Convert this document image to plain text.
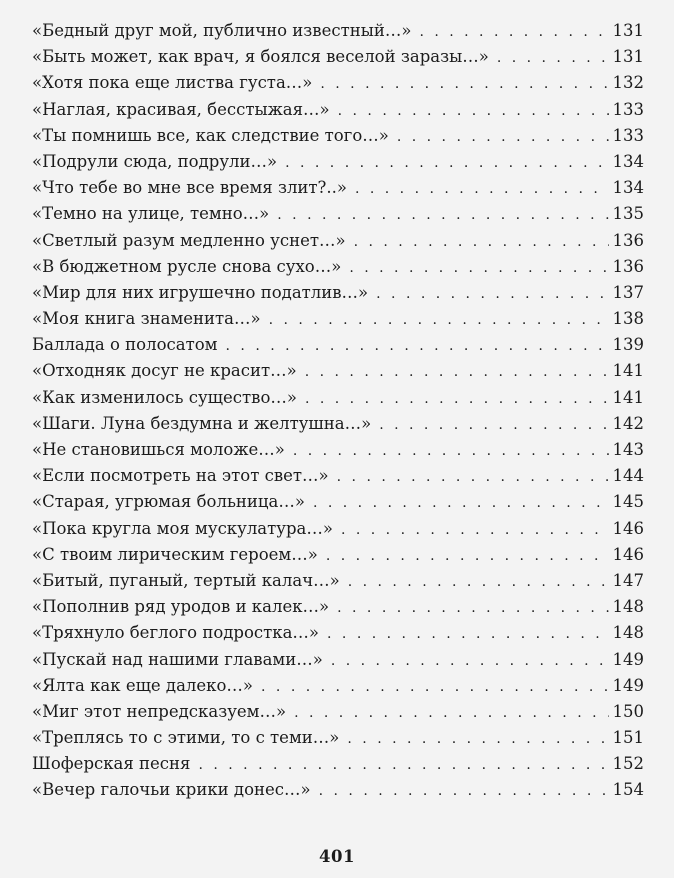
«Бедный друг мой, публично известный…» . . .	131
«Быть может, как врач, я боялся веселой заразы…» . . .	131
«Хотя пока еще листва густа…» . . .	132
«Наглая, красивая, бесстыжая…» . . .	133
«Ты помнишь все, как следствие того…» . . .	133
«Подрули сюда, подрули…» . . .	134
«Что тебе во мне все время злит?..» . . .	134
«Темно на улице, темно…» . . .	135
«Светлый разум медленно уснет…» . . .	136
«В бюджетном русле снова сухо…» . . .	136
«Мир для них игрушечно податлив…» . . .	137
«Моя книга знаменита…» . . .	138
Баллада о полосатом . . .	139
«Отходняк досуг не красит…» . . .	141
«Как изменилось существо…» . . .	141
«Шаги. Луна бездумна и желтушна…» . . .	142
«Не становишься моложе…» . . .	143
«Если посмотреть на этот свет…» . . .	144
«Старая, угрюмая больница…» . . .	145
«Пока кругла моя мускулатура…» . . .	146
«С твоим лирическим героем…» . . .	146
«Битый, пуганый, тертый калач…» . . .	147
«Пополнив ряд уродов и калек…» . . .	148
«Тряхнуло беглого подростка…» . . .	148
«Пускай над нашими главами…» . . .	149
«Ялта как еще далеко…» . . .	149
«Миг этот непредсказуем…» . . .	150
«Треплясь то с этими, то с теми…» . . .	151
Шоферская песня . . .	152
«Вечер галочьи крики донес…» . . .	154
401
